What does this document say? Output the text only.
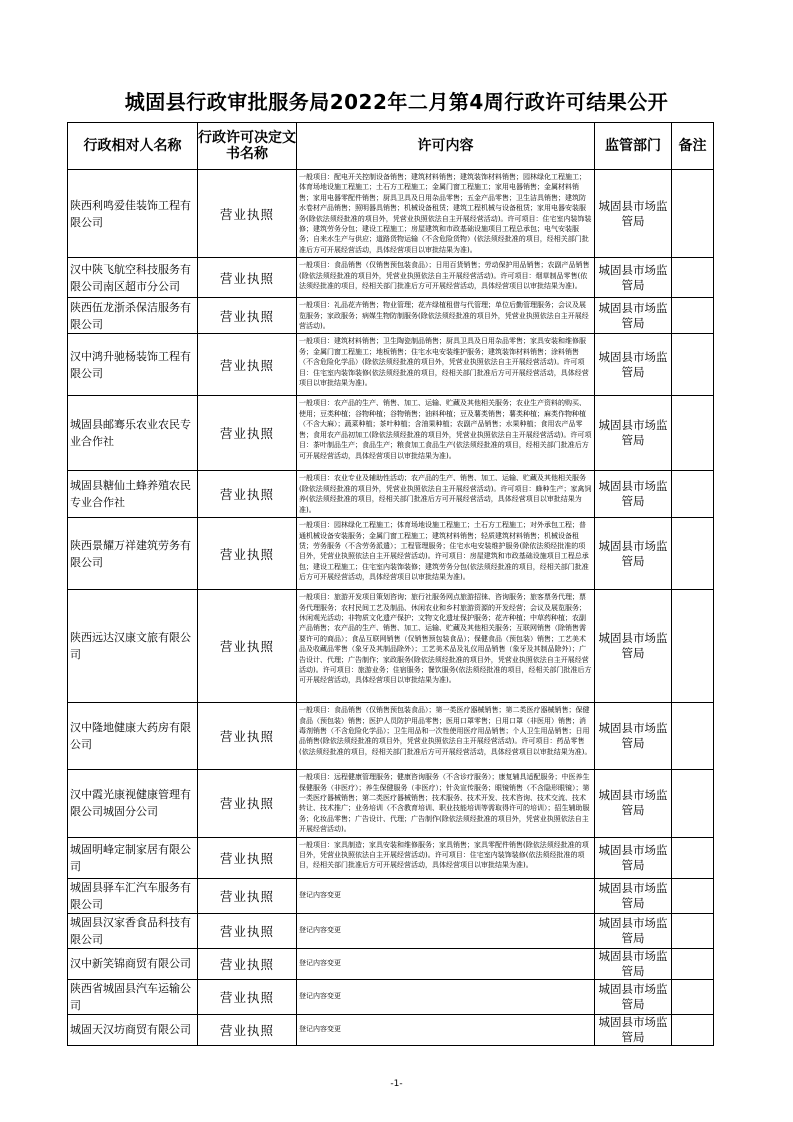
城固县行政审批服务局2022年二月第4周行政许可结果公开
行政相对人名称	行政许可决定文书名称	许可内容	监管部门	备注
陕西利鸣爱佳装饰工程有限公司	营业执照	一般项目：配电开关控制设备销售；建筑材料销售；建筑装饰材料销售；园林绿化工程施工；体育场地设施工程施工；土石方工程施工；金属门窗工程施工；家用电器销售；金属材料销售；家用电器零配件销售；厨具卫具及日用杂品零售；五金产品零售；卫生洁具销售；建筑防水卷材产品销售；照明器具销售；机械设备租赁；建筑工程机械与设备租赁；家用电器安装服务(除依法须经批准的项目外，凭营业执照依法自主开展经营活动)。许可项目：住宅室内装饰装修；建筑劳务分包；建设工程施工；房屋建筑和市政基础设施项目工程总承包；电气安装服务；自来水生产与供应；道路货物运输（不含危险货物）(依法须经批准的项目，经相关部门批准后方可开展经营活动，具体经营项目以审批结果为准)。	城固县市场监管局	
汉中陕飞航空科技服务有限公司南区超市分公司	营业执照	一般项目：食品销售（仅销售预包装食品）；日用百货销售；劳动保护用品销售；农副产品销售(除依法须经批准的项目外，凭营业执照依法自主开展经营活动)。许可项目：烟草制品零售(依法须经批准的项目，经相关部门批准后方可开展经营活动，具体经营项目以审批结果为准)。	城固县市场监管局	
陕西伍龙浙杀保洁服务有限公司	营业执照	一般项目：礼品花卉销售；物业管理；花卉绿植租借与代管理；单位后勤管理服务；会议及展览服务；家政服务；病媒生物防制服务(除依法须经批准的项目外，凭营业执照依法自主开展经营活动)。	城固县市场监管局	
汉中鸿升驰杨装饰工程有限公司	营业执照	一般项目：建筑材料销售；卫生陶瓷制品销售；厨具卫具及日用杂品零售；家具安装和维修服务；金属门窗工程施工；地板销售；住宅水电安装维护服务；建筑装饰材料销售；涂料销售（不含危险化学品）(除依法须经批准的项目外，凭营业执照依法自主开展经营活动)。许可项目：住宅室内装饰装修(依法须经批准的项目，经相关部门批准后方可开展经营活动，具体经营项目以审批结果为准)。	城固县市场监管局	
城固县邮骞乐农业农民专业合作社	营业执照	一般项目：农产品的生产、销售、加工、运输、贮藏及其他相关服务；农业生产资料的购买、使用；豆类种植；谷物种植；谷物销售；油料种植；豆及薯类销售；薯类种植；麻类作物种植（不含大麻）；蔬菜种植；茶叶种植；含油果种植；农副产品销售；水果种植；食用农产品零售；食用农产品初加工(除依法须经批准的项目外，凭营业执照依法自主开展经营活动)。许可项目：茶叶制品生产；食品生产；粮食加工食品生产(依法须经批准的项目，经相关部门批准后方可开展经营活动，具体经营项目以审批结果为准)。	城固县市场监管局	
城固县糖仙土蜂养殖农民专业合作社	营业执照	一般项目：农业专业及辅助性活动；农产品的生产、销售、加工、运输、贮藏及其他相关服务(除依法须经批准的项目外，凭营业执照依法自主开展经营活动)。许可项目：蜂种生产；家禽饲养(依法须经批准的项目，经相关部门批准后方可开展经营活动，具体经营项目以审批结果为准)。	城固县市场监管局	
陕西景耀万祥建筑劳务有限公司	营业执照	一般项目：园林绿化工程施工；体育场地设施工程施工；土石方工程施工；对外承包工程；普通机械设备安装服务；金属门窗工程施工；建筑材料销售；轻质建筑材料销售；机械设备租赁；劳务服务（不含劳务派遣）；工程管理服务；住宅水电安装维护服务(除依法须经批准的项目外，凭营业执照依法自主开展经营活动)。许可项目：房屋建筑和市政基础设施项目工程总承包；建设工程施工；住宅室内装饰装修；建筑劳务分包(依法须经批准的项目，经相关部门批准后方可开展经营活动，具体经营项目以审批结果为准)。	城固县市场监管局	
陕西远达汉康文旅有限公司	营业执照	一般项目：旅游开发项目策划咨询；旅行社服务网点旅游招徕、咨询服务；旅客票务代理；票务代理服务；农村民间工艺及制品、休闲农业和乡村旅游资源的开发经营；会议及展览服务；休闲观光活动；非物质文化遗产保护；文物文化遗址保护服务；花卉种植；中草药种植；农副产品销售；农产品的生产、销售、加工、运输、贮藏及其他相关服务；互联网销售（除销售需要许可的商品）；食品互联网销售（仅销售预包装食品）；保健食品（预包装）销售；工艺美术品及收藏品零售（象牙及其制品除外）；工艺美术品及礼仪用品销售（象牙及其制品除外）；广告设计、代理；广告制作；家政服务(除依法须经批准的项目外，凭营业执照依法自主开展经营活动)。许可项目：旅游业务；住宿服务；餐饮服务(依法须经批准的项目，经相关部门批准后方可开展经营活动，具体经营项目以审批结果为准)。	城固县市场监管局	
汉中隆地健康大药房有限公司	营业执照	一般项目：食品销售（仅销售预包装食品）；第一类医疗器械销售；第二类医疗器械销售；保健食品（预包装）销售；医护人员防护用品零售；医用口罩零售；日用口罩（非医用）销售；消毒剂销售（不含危险化学品）；卫生用品和一次性使用医疗用品销售；个人卫生用品销售；日用品销售(除依法须经批准的项目外，凭营业执照依法自主开展经营活动)。许可项目：药品零售(依法须经批准的项目，经相关部门批准后方可开展经营活动，具体经营项目以审批结果为准)。	城固县市场监管局	
汉中霞光康视健康管理有限公司城固分公司	营业执照	一般项目：远程健康管理服务；健康咨询服务（不含诊疗服务）；康复辅具适配服务；中医养生保健服务（非医疗）；养生保健服务（非医疗）；针灸宣传服务；眼镜销售（不含隐形眼镜）；第一类医疗器械销售；第二类医疗器械销售；技术服务、技术开发、技术咨询、技术交流、技术转让、技术推广；业务培训（不含教育培训、职业技能培训等需取得许可的培训）；招生辅助服务；化妆品零售；广告设计、代理；广告制作(除依法须经批准的项目外，凭营业执照依法自主开展经营活动)。	城固县市场监管局	
城固明峰定制家居有限公司	营业执照	一般项目：家具制造；家具安装和维修服务；家具销售；家具零配件销售(除依法须经批准的项目外，凭营业执照依法自主开展经营活动)。许可项目：住宅室内装饰装修(依法须经批准的项目，经相关部门批准后方可开展经营活动，具体经营项目以审批结果为准)。	城固县市场监管局	
城固县驿车汇汽车服务有限公司	营业执照	登记内容变更	城固县市场监管局	
城固县汉家香食品科技有限公司	营业执照	登记内容变更	城固县市场监管局	
汉中新笑锦商贸有限公司	营业执照	登记内容变更	城固县市场监管局	
陕西省城固县汽车运输公司	营业执照	登记内容变更	城固县市场监管局	
城固天汉坊商贸有限公司	营业执照	登记内容变更	城固县市场监管局	
-1-
